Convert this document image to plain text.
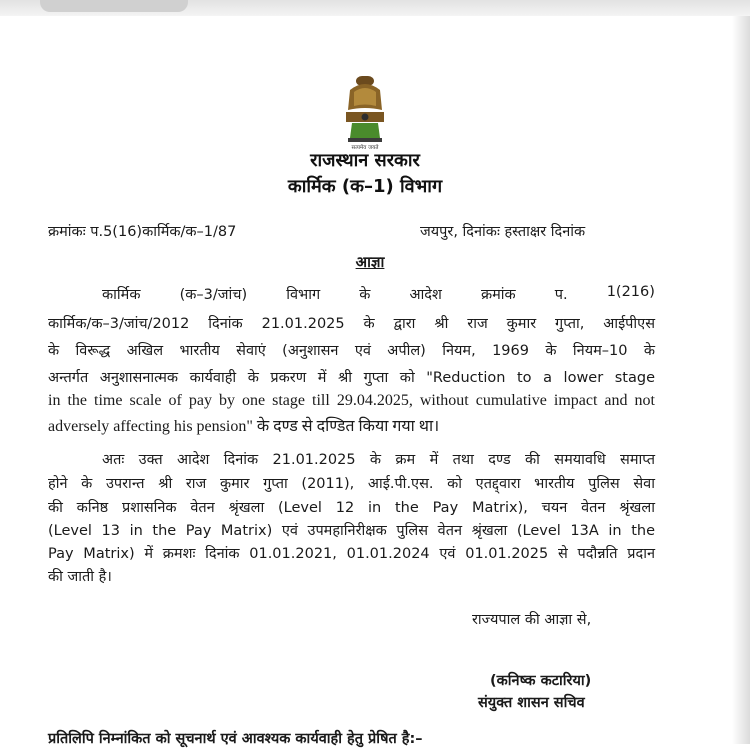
सत्यमेव जयते
राजस्थान सरकार
कार्मिक (क–1) विभाग
क्रमांकः प.5(16)कार्मिक/क–1/87	जयपुर, दिनांकः हस्ताक्षर दिनांक
आज्ञा
कार्मिक	(क–3/जांच)	विभाग	के	आदेश	क्रमांक	प.	1(216)
कार्मिक/क–3/जांच/2012 दिनांक 21.01.2025 के द्वारा श्री राज कुमार गुप्ता, आईपीएस
के विरूद्ध अखिल भारतीय सेवाएं (अनुशासन एवं अपील) नियम, 1969 के नियम–10 के
अन्तर्गत अनुशासनात्मक कार्यवाही के प्रकरण में श्री गुप्ता को "Reduction to a lower stage
in the time scale of pay by one stage till 29.04.2025, without cumulative impact and not
adversely affecting his pension" के दण्ड से दण्डित किया गया था।
अतः उक्त आदेश दिनांक 21.01.2025 के क्रम में तथा दण्ड की समयावधि समाप्त
होने के उपरान्त श्री राज कुमार गुप्ता (2011), आई.पी.एस. को एतद्द्वारा भारतीय पुलिस सेवा
की कनिष्ठ प्रशासनिक वेतन श्रृंखला (Level 12 in the Pay Matrix), चयन वेतन श्रृंखला
(Level 13 in the Pay Matrix) एवं उपमहानिरीक्षक पुलिस वेतन श्रृंखला (Level 13A in the
Pay Matrix) में क्रमशः दिनांक 01.01.2021, 01.01.2024 एवं 01.01.2025 से पदौन्नति प्रदान
की जाती है।
राज्यपाल की आज्ञा से,
(कनिष्क कटारिया)
संयुक्त शासन सचिव
प्रतिलिपि निम्नांकित को सूचनार्थ एवं आवश्यक कार्यवाही हेतु प्रेषित है:–
